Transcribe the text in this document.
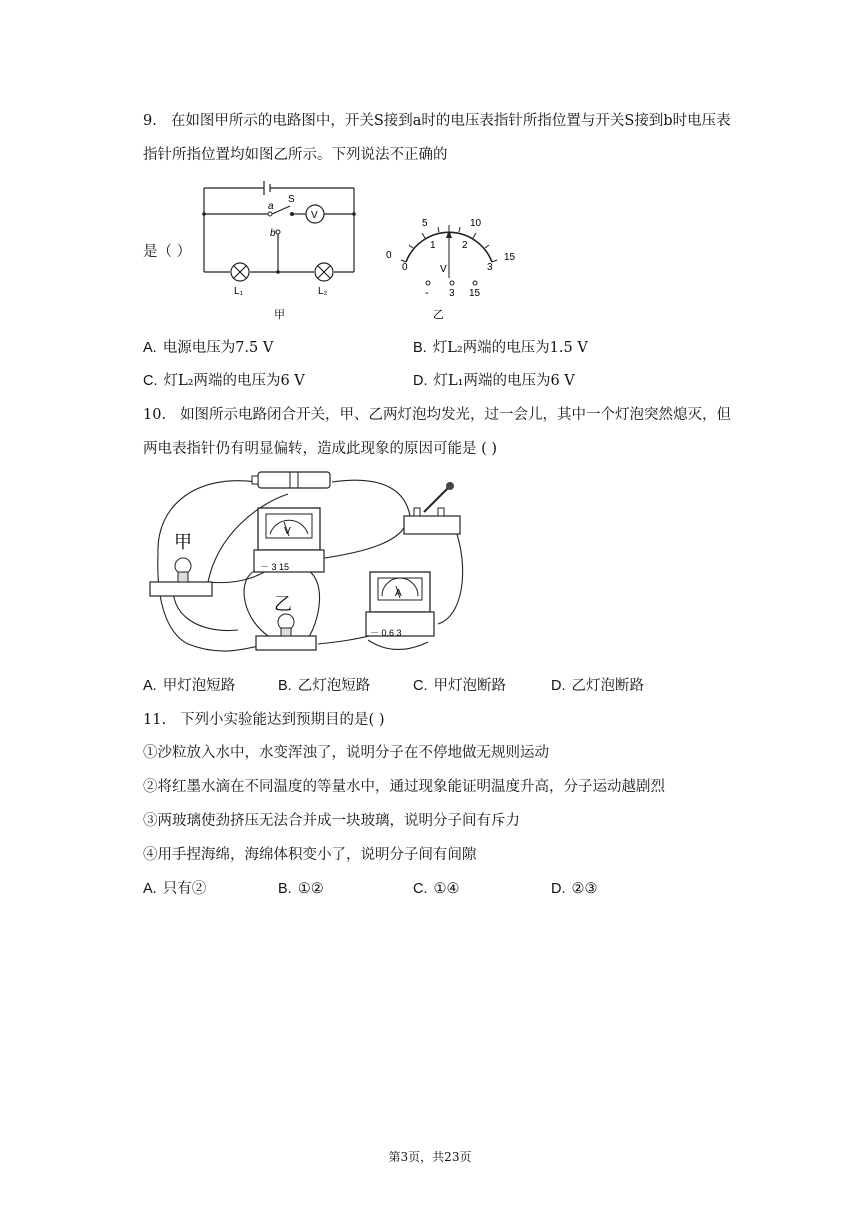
9. 在如图甲所示的电路图中，开关S接到a时的电压表指针所指位置与开关S接到b时电压表
指针所指位置均如图乙所示。下列说法不正确的
是（ ）
a
S
b
V
L₁	L₂
甲
5	10
15
0
0
1	2
3
V
- 3 15
乙
A. 电源电压为7.5 V	B. 灯L₂两端的电压为1.5 V
C. 灯L₂两端的电压为6 V	D. 灯L₁两端的电压为6 V
10. 如图所示电路闭合开关，甲、乙两灯泡均发光，过一会儿，其中一个灯泡突然熄灭，但
两电表指针仍有明显偏转，造成此现象的原因可能是 ( )
V
－ 3 15
A
－ 0.6 3
甲
乙
A. 甲灯泡短路	B. 乙灯泡短路	C. 甲灯泡断路	D. 乙灯泡断路
11. 下列小实验能达到预期目的是( )
①沙粒放入水中，水变浑浊了，说明分子在不停地做无规则运动
②将红墨水滴在不同温度的等量水中，通过现象能证明温度升高，分子运动越剧烈
③两玻璃使劲挤压无法合并成一块玻璃，说明分子间有斥力
④用手捏海绵，海绵体积变小了，说明分子间有间隙
A. 只有②	B. ①②	C. ①④	D. ②③
第3页，共23页
